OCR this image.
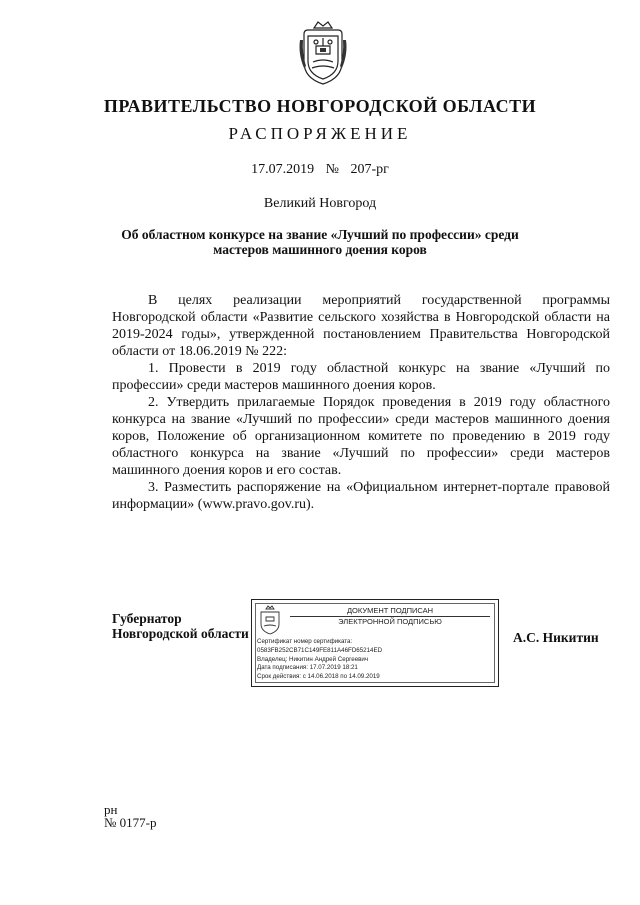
ПРАВИТЕЛЬСТВО НОВГОРОДСКОЙ ОБЛАСТИ
РАСПОРЯЖЕНИЕ
17.07.2019 № 207-рг
Великий Новгород
Об областном конкурсе на звание «Лучший по профессии» среди
мастеров машинного доения коров

В целях реализации мероприятий государственной программы Новгородской области «Развитие сельского хозяйства в Новгородской области на 2019-2024 годы», утвержденной постановлением Правительства Новгородской области от 18.06.2019 № 222:

1. Провести в 2019 году областной конкурс на звание «Лучший по профессии» среди мастеров машинного доения коров.

2. Утвердить прилагаемые Порядок проведения в 2019 году областного конкурса на звание «Лучший по профессии» среди мастеров машинного доения коров, Положение об организационном комитете по проведению в 2019 году областного конкурса на звание «Лучший по профессии» среди мастеров машинного доения коров и его состав.

3. Разместить распоряжение на «Официальном интернет-портале правовой информации» (www.pravo.gov.ru).

Губернатор
Новгородской области
ДОКУМЕНТ ПОДПИСАН
ЭЛЕКТРОННОЙ ПОДПИСЬЮ
Сертификат номер сертификата:
0583FB252CB71C149FE811A46FD65214ED
Владелец: Никитин Андрей Сергеевич
Дата подписания: 17.07.2019 18:21
Срок действия: с 14.06.2018 по 14.09.2019
А.С. Никитин
рн
№ 0177-р
